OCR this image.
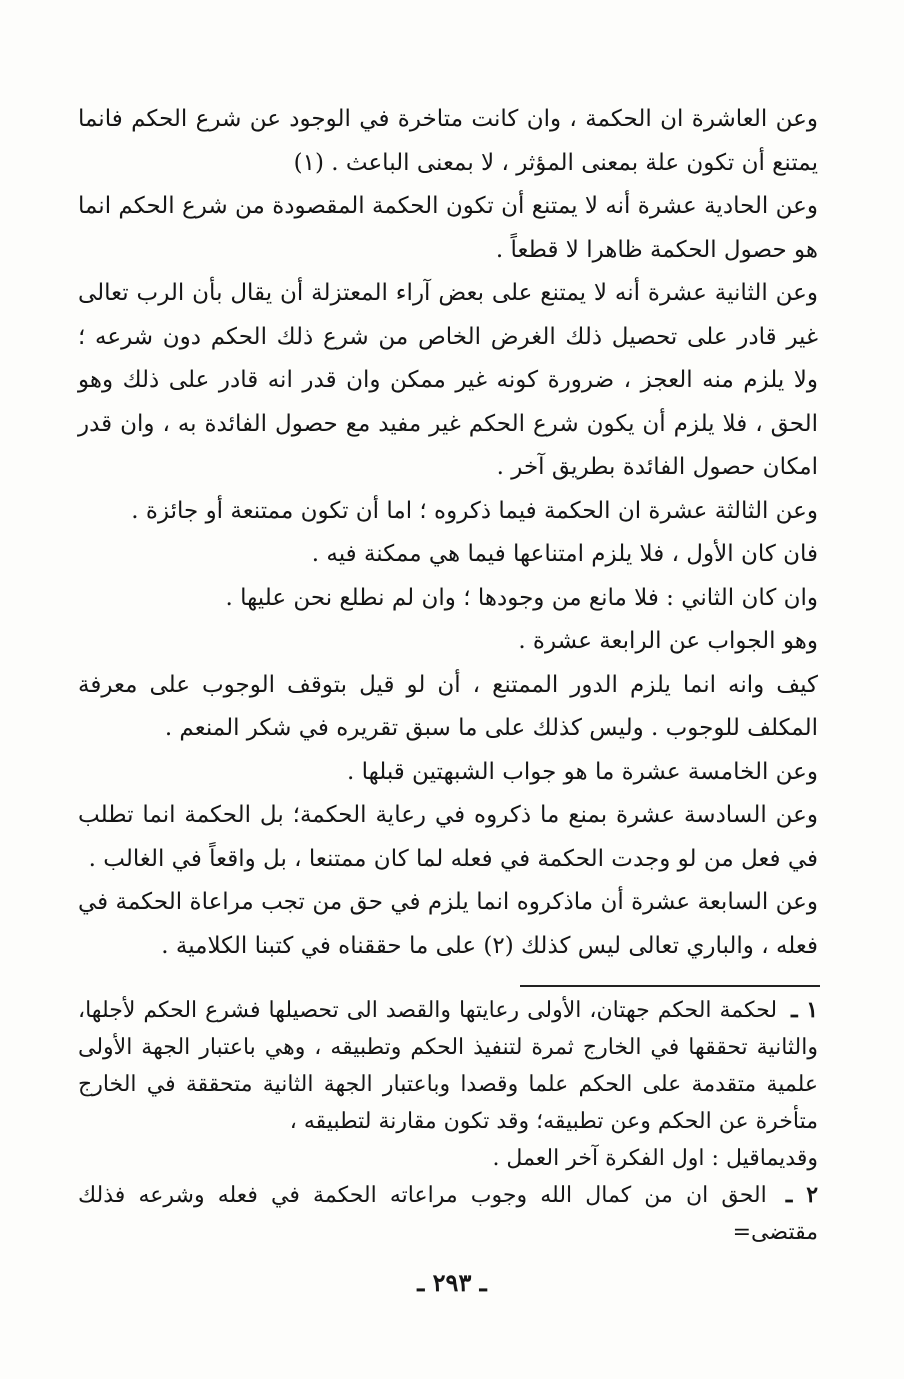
وعن العاشرة ان الحكمة ، وان كانت متاخرة في الوجود عن شرع الحكم فانما يمتنع أن تكون علة بمعنى المؤثر ، لا بمعنى الباعث . (١)

وعن الحادية عشرة أنه لا يمتنع أن تكون الحكمة المقصودة من شرع الحكم انما هو حصول الحكمة ظاهرا لا قطعاً .

وعن الثانية عشرة أنه لا يمتنع على بعض آراء المعتزلة أن يقال بأن الرب تعالى غير قادر على تحصيل ذلك الغرض الخاص من شرع ذلك الحكم دون شرعه ؛ ولا يلزم منه العجز ، ضرورة كونه غير ممكن وان قدر انه قادر على ذلك وهو الحق ، فلا يلزم أن يكون شرع الحكم غير مفيد مع حصول الفائدة به ، وان قدر امكان حصول الفائدة بطريق آخر .

وعن الثالثة عشرة ان الحكمة فيما ذكروه ؛ اما أن تكون ممتنعة أو جائزة .

فان كان الأول ، فلا يلزم امتناعها فيما هي ممكنة فيه .

وان كان الثاني : فلا مانع من وجودها ؛ وان لم نطلع نحن عليها .

وهو الجواب عن الرابعة عشرة .

كيف وانه انما يلزم الدور الممتنع ، أن لو قيل بتوقف الوجوب على معرفة المكلف للوجوب . وليس كذلك على ما سبق تقريره في شكر المنعم .

وعن الخامسة عشرة ما هو جواب الشبهتين قبلها .

وعن السادسة عشرة بمنع ما ذكروه في رعاية الحكمة؛ بل الحكمة انما تطلب في فعل من لو وجدت الحكمة في فعله لما كان ممتنعا ، بل واقعاً في الغالب .

وعن السابعة عشرة أن ماذكروه انما يلزم في حق من تجب مراعاة الحكمة في فعله ، والباري تعالى ليس كذلك (٢) على ما حققناه في كتبنا الكلامية .

١ ـ لحكمة الحكم جهتان، الأولى رعايتها والقصد الى تحصيلها فشرع الحكم لأجلها، والثانية تحققها في الخارج ثمرة لتنفيذ الحكم وتطبيقه ، وهي باعتبار الجهة الأولى علمية متقدمة على الحكم علما وقصدا وباعتبار الجهة الثانية متحققة في الخارج متأخرة عن الحكم وعن تطبيقه؛ وقد تكون مقارنة لتطبيقه ،

وقديماقيل : اول الفكرة آخر العمل .

٢ ـ الحق ان من كمال الله وجوب مراعاته الحكمة في فعله وشرعه فذلك مقتضى=

ـ ٢٩٣ ـ
